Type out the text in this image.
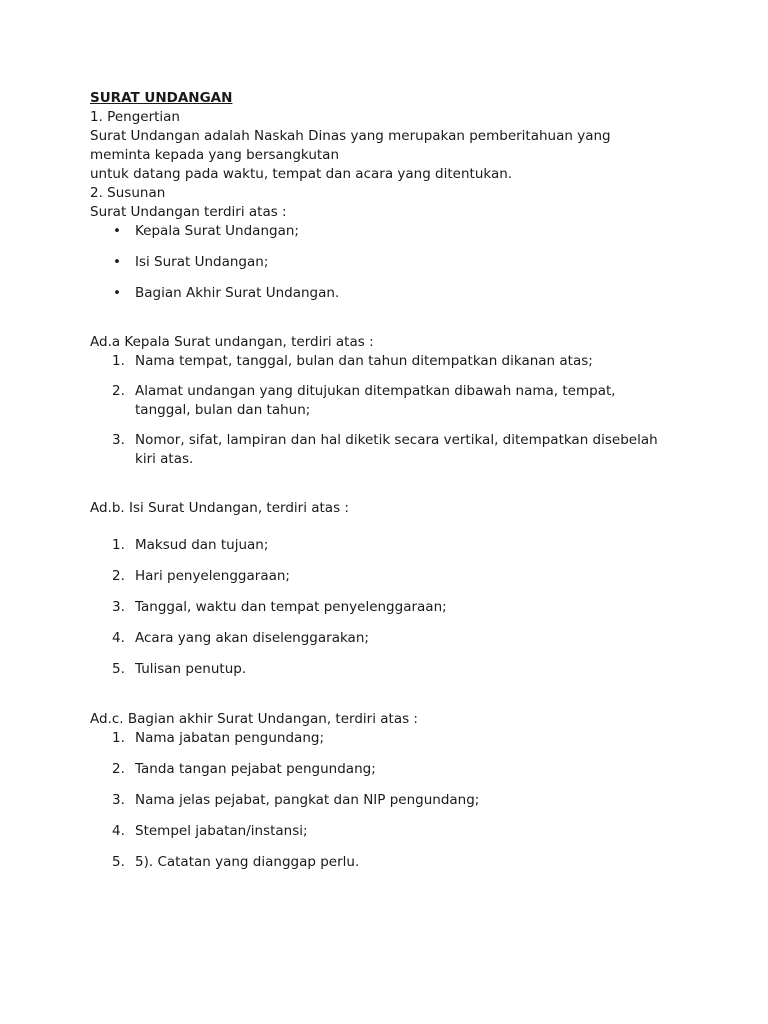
SURAT UNDANGAN

1. Pengertian

Surat Undangan adalah Naskah Dinas yang merupakan pemberitahuan yang

meminta kepada yang bersangkutan

untuk datang pada waktu, tempat dan acara yang ditentukan.

2. Susunan

Surat Undangan terdiri atas :

• Kepala Surat Undangan;
• Isi Surat Undangan;
• Bagian Akhir Surat Undangan.

Ad.a Kepala Surat undangan, terdiri atas :

1. Nama tempat, tanggal, bulan dan tahun ditempatkan dikanan atas;
2. Alamat undangan yang ditujukan ditempatkan dibawah nama, tempat,
tanggal, bulan dan tahun;
3. Nomor, sifat, lampiran dan hal diketik secara vertikal, ditempatkan disebelah
kiri atas.

Ad.b. Isi Surat Undangan, terdiri atas :

1. Maksud dan tujuan;
2. Hari penyelenggaraan;
3. Tanggal, waktu dan tempat penyelenggaraan;
4. Acara yang akan diselenggarakan;
5. Tulisan penutup.

Ad.c. Bagian akhir Surat Undangan, terdiri atas :

1. Nama jabatan pengundang;
2. Tanda tangan pejabat pengundang;
3. Nama jelas pejabat, pangkat dan NIP pengundang;
4. Stempel jabatan/instansi;
5. 5). Catatan yang dianggap perlu.
